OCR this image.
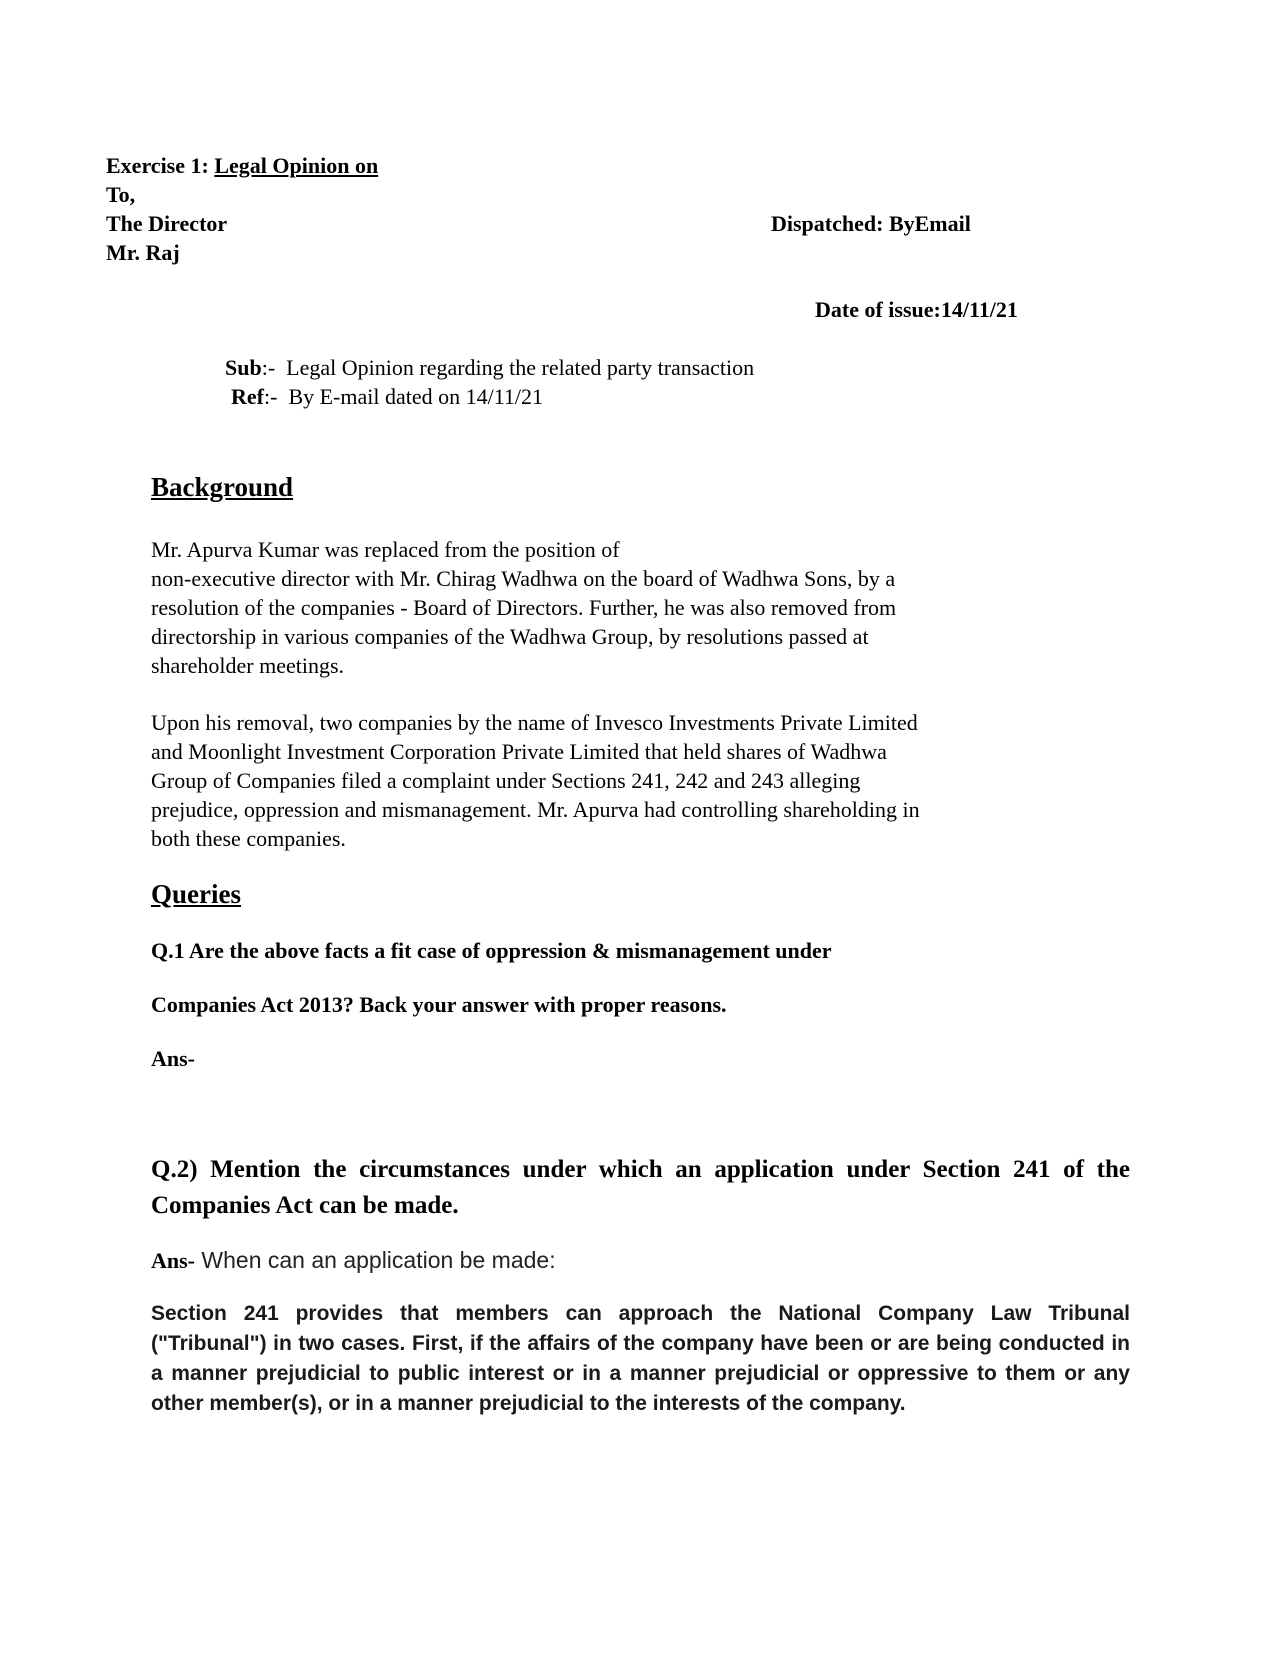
Exercise 1: Legal Opinion on
To,
The Director	Dispatched: ByEmail
Mr. Raj
Date of issue:14/11/21
Sub:-  Legal Opinion regarding the related party transaction
Ref:-  By E-mail dated on 14/11/21
Background
Mr. Apurva Kumar was replaced from the position of
non-executive director with Mr. Chirag Wadhwa on the board of Wadhwa Sons, by a
resolution of the companies - Board of Directors. Further, he was also removed from
directorship in various companies of the Wadhwa Group, by resolutions passed at
shareholder meetings.
Upon his removal, two companies by the name of Invesco Investments Private Limited
and Moonlight Investment Corporation Private Limited that held shares of Wadhwa
Group of Companies filed a complaint under Sections 241, 242 and 243 alleging
prejudice, oppression and mismanagement. Mr. Apurva had controlling shareholding in
both these companies.
Queries
Q.1 Are the above facts a fit case of oppression & mismanagement under
Companies Act 2013? Back your answer with proper reasons.
Ans-
Q.2) Mention the circumstances under which an application under Section 241 of the Companies Act can be made.
Ans- When can an application be made:
Section 241 provides that members can approach the National Company Law Tribunal ("Tribunal") in two cases. First, if the affairs of the company have been or are being conducted in a manner prejudicial to public interest or in a manner prejudicial or oppressive to them or any other member(s), or in a manner prejudicial to the interests of the company.
